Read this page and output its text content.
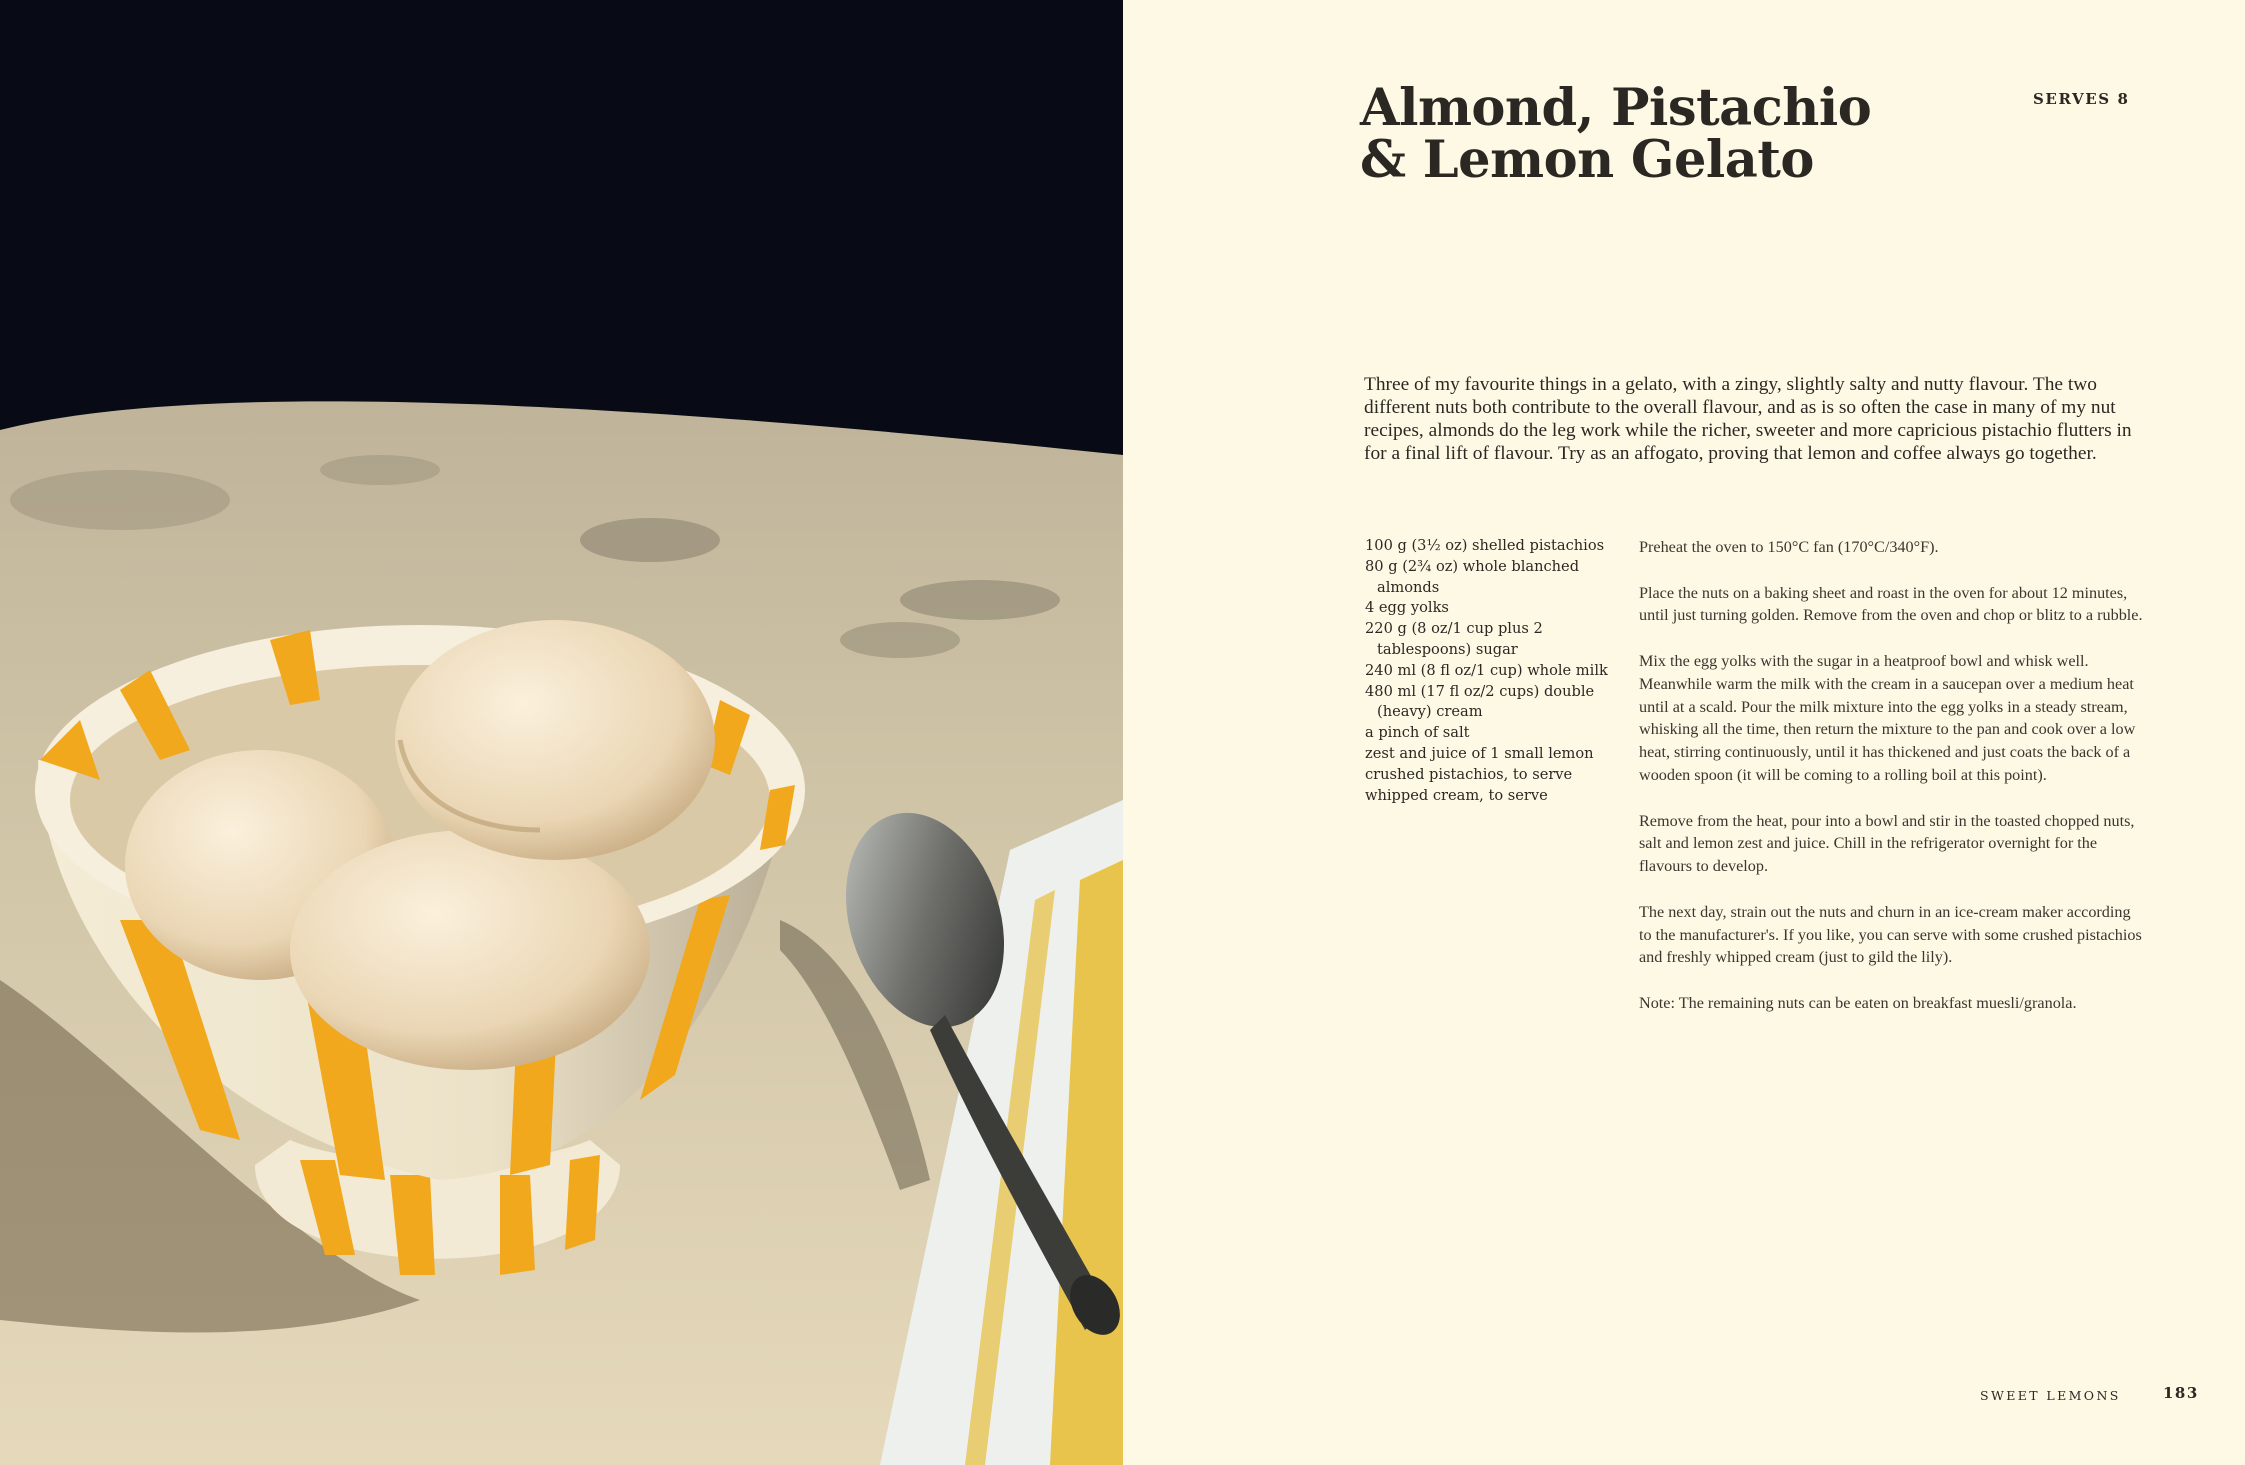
Almond, Pistachio
& Lemon Gelato
SERVES 8

Three of my favourite things in a gelato, with a zingy, slightly salty and nutty flavour. The two different nuts both contribute to the overall flavour, and as is so often the case in many of my nut recipes, almonds do the leg work while the richer, sweeter and more capricious pistachio flutters in for a final lift of flavour. Try as an affogato, proving that lemon and coffee always go together.

100 g (3½ oz) shelled pistachios
80 g (2¾ oz) whole blanched almonds
4 egg yolks
220 g (8 oz/1 cup plus 2 tablespoons) sugar
240 ml (8 fl oz/1 cup) whole milk
480 ml (17 fl oz/2 cups) double (heavy) cream
a pinch of salt
zest and juice of 1 small lemon
crushed pistachios, to serve
whipped cream, to serve

Preheat the oven to 150°C fan (170°C/340°F).

Place the nuts on a baking sheet and roast in the oven for about 12 minutes, until just turning golden. Remove from the oven and chop or blitz to a rubble.

Mix the egg yolks with the sugar in a heatproof bowl and whisk well. Meanwhile warm the milk with the cream in a saucepan over a medium heat until at a scald. Pour the milk mixture into the egg yolks in a steady stream, whisking all the time, then return the mixture to the pan and cook over a low heat, stirring continuously, until it has thickened and just coats the back of a wooden spoon (it will be coming to a rolling boil at this point).

Remove from the heat, pour into a bowl and stir in the toasted chopped nuts, salt and lemon zest and juice. Chill in the refrigerator overnight for the flavours to develop.

The next day, strain out the nuts and churn in an ice-cream maker according to the manufacturer's. If you like, you can serve with some crushed pistachios and freshly whipped cream (just to gild the lily).

Note: The remaining nuts can be eaten on breakfast muesli/granola.

SWEET LEMONS	183
